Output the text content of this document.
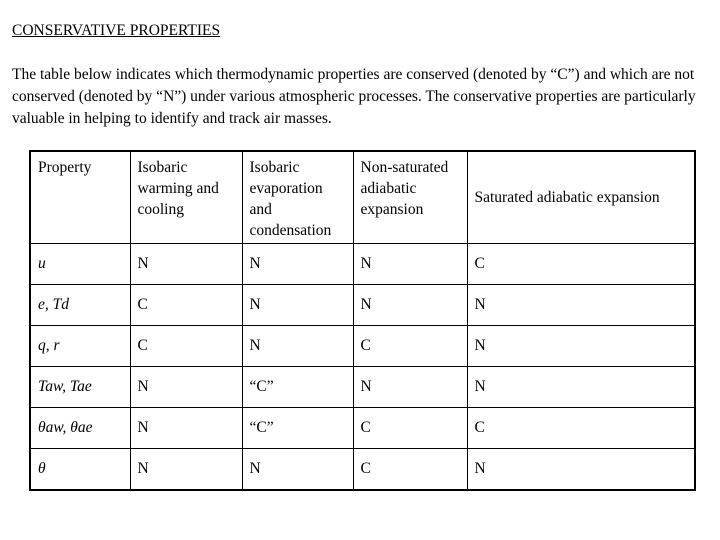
CONSERVATIVE PROPERTIES
The table below indicates which thermodynamic properties are conserved (denoted by “C”) and which are not conserved (denoted by “N”) under various atmospheric processes. The conservative properties are particularly valuable in helping to identify and track air masses.
Property	Isobaric warming and cooling	Isobaric evaporation and condensation	Non-saturated adiabatic expansion	Saturated adiabatic expansion
u	N	N	N	C
e, Td	C	N	N	N
q, r	C	N	C	N
Taw, Tae	N	“C”	N	N
θaw, θae	N	“C”	C	C
θ	N	N	C	N
